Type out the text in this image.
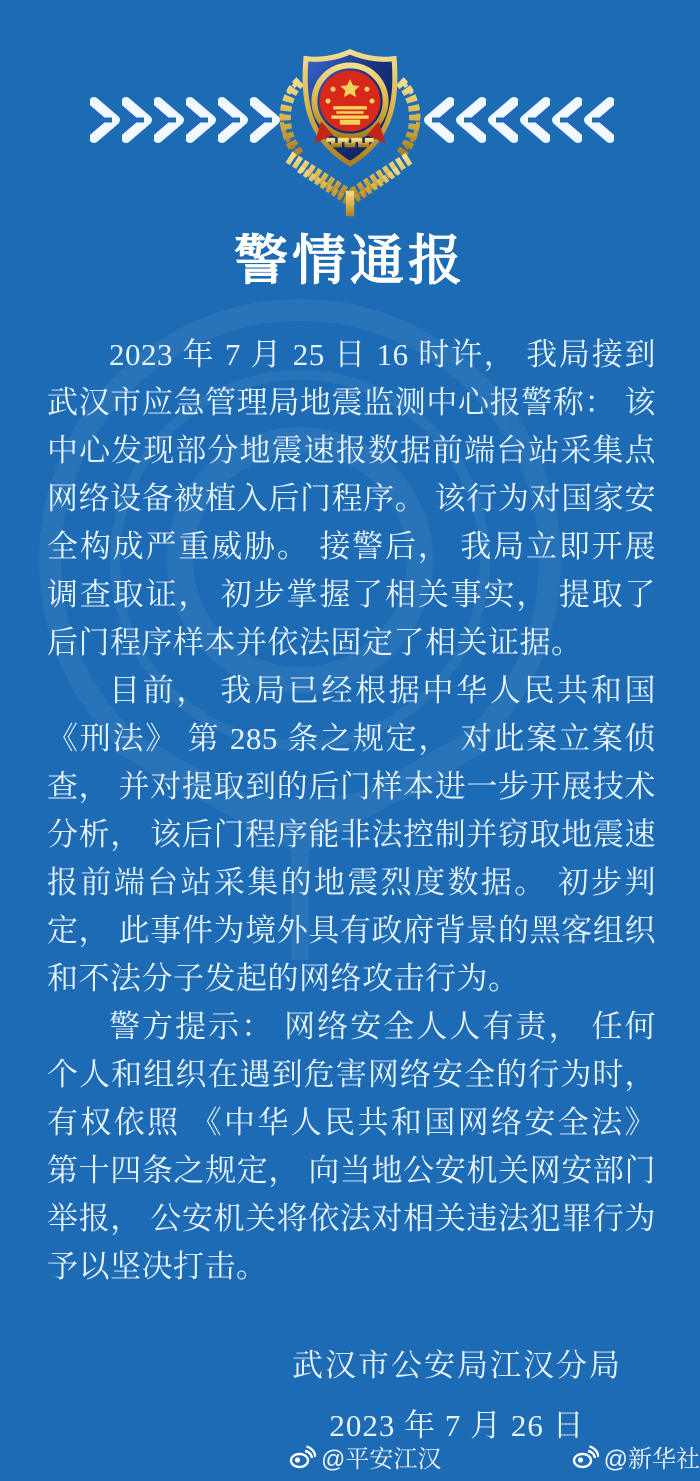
警情通报

2023 年 7 月 25 日 16 时许， 我局接到武汉市应急管理局地震监测中心报警称： 该中心发现部分地震速报数据前端台站采集点网络设备被植入后门程序。 该行为对国家安全构成严重威胁。 接警后， 我局立即开展调查取证， 初步掌握了相关事实， 提取了后门程序样本并依法固定了相关证据。

目前， 我局已经根据中华人民共和国 《刑法》 第 285 条之规定， 对此案立案侦查， 并对提取到的后门样本进一步开展技术分析， 该后门程序能非法控制并窃取地震速报前端台站采集的地震烈度数据。 初步判定， 此事件为境外具有政府背景的黑客组织和不法分子发起的网络攻击行为。

警方提示： 网络安全人人有责， 任何个人和组织在遇到危害网络安全的行为时， 有权依照 《中华人民共和国网络安全法》 第十四条之规定， 向当地公安机关网安部门举报， 公安机关将依法对相关违法犯罪行为予以坚决打击。

武汉市公安局江汉分局
2023 年 7 月 26 日
@平安江汉	@新华社
